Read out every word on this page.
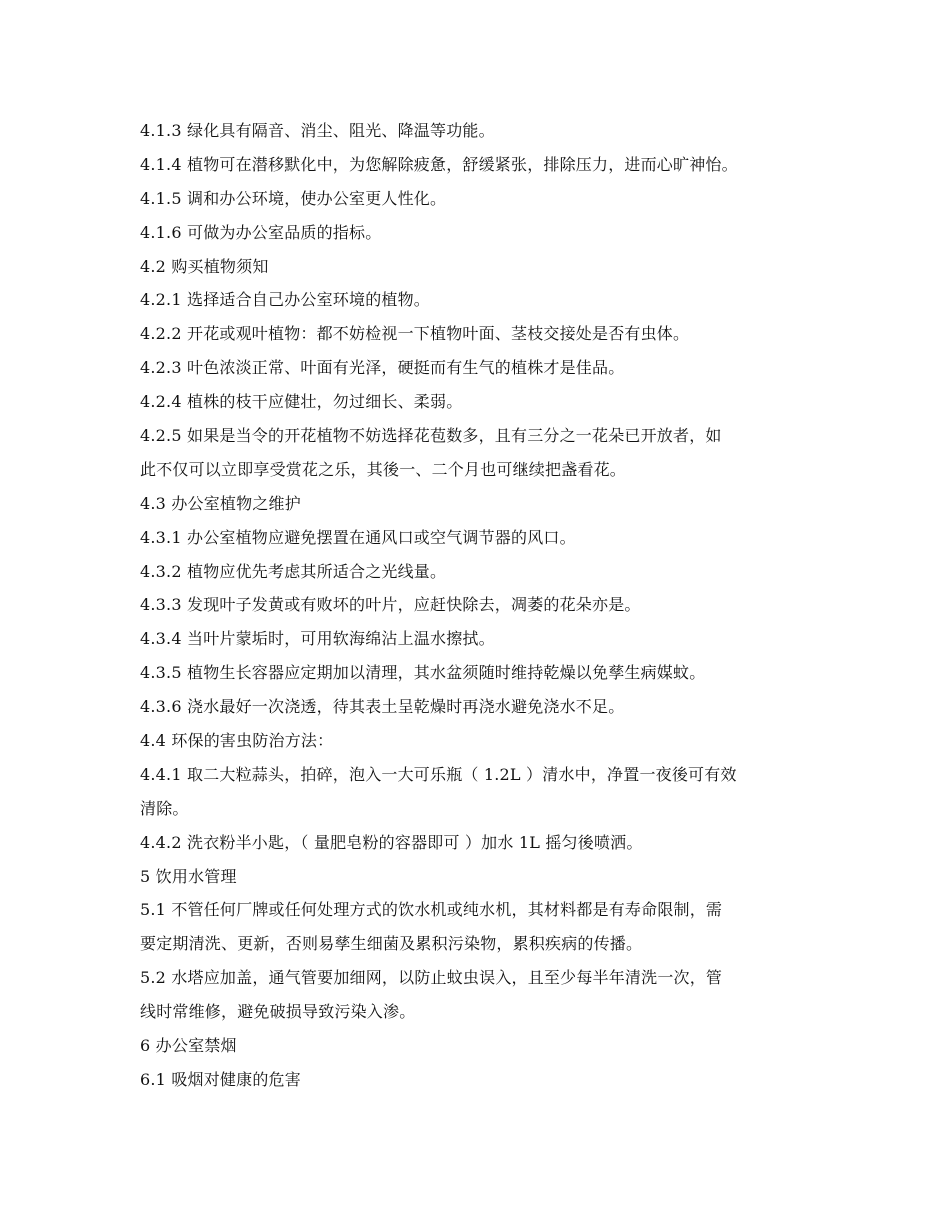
4.1.3 绿化具有隔音、消尘、阻光、降温等功能。
4.1.4 植物可在潜移默化中，为您解除疲惫，舒缓紧张，排除压力，进而心旷神怡。
4.1.5 调和办公环境，使办公室更人性化。
4.1.6 可做为办公室品质的指标。
4.2 购买植物须知
4.2.1 选择适合自己办公室环境的植物。
4.2.2 开花或观叶植物：都不妨检视一下植物叶面、茎枝交接处是否有虫体。
4.2.3 叶色浓淡正常、叶面有光泽，硬挺而有生气的植株才是佳品。
4.2.4 植株的枝干应健壮，勿过细长、柔弱。
4.2.5 如果是当令的开花植物不妨选择花苞数多，且有三分之一花朵已开放者，如
此不仅可以立即享受赏花之乐，其後一、二个月也可继续把盏看花。
4.3 办公室植物之维护
4.3.1 办公室植物应避免摆置在通风口或空气调节器的风口。
4.3.2 植物应优先考虑其所适合之光线量。
4.3.3 发现叶子发黄或有败坏的叶片，应赶快除去，凋萎的花朵亦是。
4.3.4 当叶片蒙垢时，可用软海绵沾上温水擦拭。
4.3.5 植物生长容器应定期加以清理，其水盆须随时维持乾燥以免孳生病媒蚊。
4.3.6 浇水最好一次浇透，待其表土呈乾燥时再浇水避免浇水不足。
4.4 环保的害虫防治方法：
4.4.1 取二大粒蒜头，拍碎，泡入一大可乐瓶（ 1.2L ）清水中，净置一夜後可有效
清除。
4.4.2 洗衣粉半小匙，（ 量肥皂粉的容器即可 ）加水 1L 摇匀後喷洒。
5 饮用水管理
5.1 不管任何厂牌或任何处理方式的饮水机或纯水机，其材料都是有寿命限制，需
要定期清洗、更新，否则易孳生细菌及累积污染物，累积疾病的传播。
5.2 水塔应加盖，通气管要加细网，以防止蚊虫误入，且至少每半年清洗一次，管
线时常维修，避免破损导致污染入渗。
6 办公室禁烟
6.1 吸烟对健康的危害
